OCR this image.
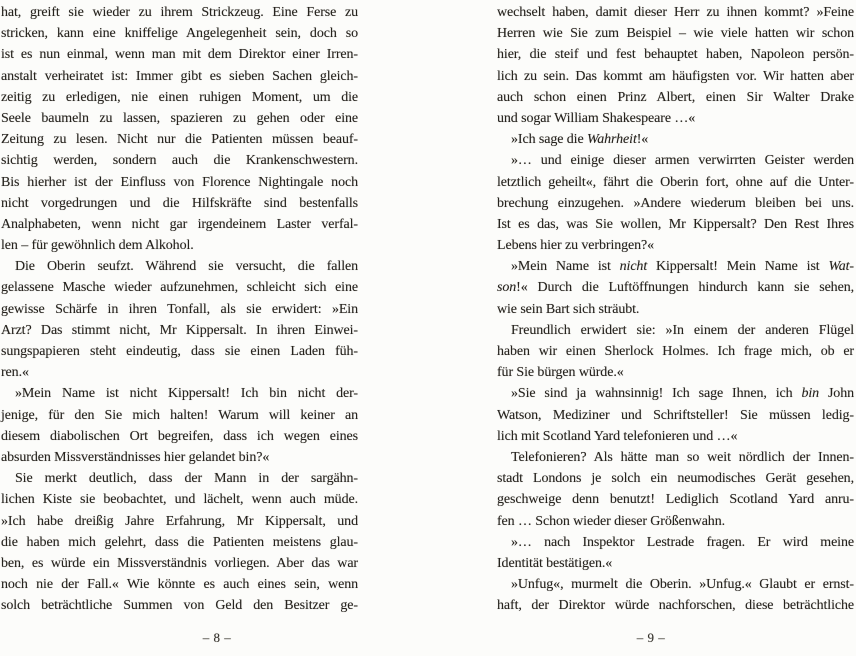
hat, greift sie wieder zu ihrem Strickzeug. Eine Ferse zu
stricken, kann eine kniffelige Angelegenheit sein, doch so
ist es nun einmal, wenn man mit dem Direktor einer Irren-
anstalt verheiratet ist: Immer gibt es sieben Sachen gleich-
zeitig zu erledigen, nie einen ruhigen Moment, um die
Seele baumeln zu lassen, spazieren zu gehen oder eine
Zeitung zu lesen. Nicht nur die Patienten müssen beauf-
sichtig werden, sondern auch die Krankenschwestern.
Bis hierher ist der Einfluss von Florence Nightingale noch
nicht vorgedrungen und die Hilfskräfte sind bestenfalls
Analphabeten, wenn nicht gar irgendeinem Laster verfal-
len – für gewöhnlich dem Alkohol.
Die Oberin seufzt. Während sie versucht, die fallen
gelassene Masche wieder aufzunehmen, schleicht sich eine
gewisse Schärfe in ihren Tonfall, als sie erwidert: »Ein
Arzt? Das stimmt nicht, Mr Kippersalt. In ihren Einwei-
sungspapieren steht eindeutig, dass sie einen Laden füh-
ren.«
»Mein Name ist nicht Kippersalt! Ich bin nicht der-
jenige, für den Sie mich halten! Warum will keiner an
diesem diabolischen Ort begreifen, dass ich wegen eines
absurden Missverständnisses hier gelandet bin?«
Sie merkt deutlich, dass der Mann in der sargähn-
lichen Kiste sie beobachtet, und lächelt, wenn auch müde.
»Ich habe dreißig Jahre Erfahrung, Mr Kippersalt, und
die haben mich gelehrt, dass die Patienten meistens glau-
ben, es würde ein Missverständnis vorliegen. Aber das war
noch nie der Fall.« Wie könnte es auch eines sein, wenn
solch beträchtliche Summen von Geld den Besitzer ge-
wechselt haben, damit dieser Herr zu ihnen kommt? »Feine
Herren wie Sie zum Beispiel – wie viele hatten wir schon
hier, die steif und fest behauptet haben, Napoleon persön-
lich zu sein. Das kommt am häufigsten vor. Wir hatten aber
auch schon einen Prinz Albert, einen Sir Walter Drake
und sogar William Shakespeare …«
»Ich sage die Wahrheit!«
»… und einige dieser armen verwirrten Geister werden
letztlich geheilt«, fährt die Oberin fort, ohne auf die Unter-
brechung einzugehen. »Andere wiederum bleiben bei uns.
Ist es das, was Sie wollen, Mr Kippersalt? Den Rest Ihres
Lebens hier zu verbringen?«
»Mein Name ist nicht Kippersalt! Mein Name ist Wat-
son!« Durch die Luftöffnungen hindurch kann sie sehen,
wie sein Bart sich sträubt.
Freundlich erwidert sie: »In einem der anderen Flügel
haben wir einen Sherlock Holmes. Ich frage mich, ob er
für Sie bürgen würde.«
»Sie sind ja wahnsinnig! Ich sage Ihnen, ich bin John
Watson, Mediziner und Schriftsteller! Sie müssen ledig-
lich mit Scotland Yard telefonieren und …«
Telefonieren? Als hätte man so weit nördlich der Innen-
stadt Londons je solch ein neumodisches Gerät gesehen,
geschweige denn benutzt! Lediglich Scotland Yard anru-
fen … Schon wieder dieser Größenwahn.
»… nach Inspektor Lestrade fragen. Er wird meine
Identität bestätigen.«
»Unfug«, murmelt die Oberin. »Unfug.« Glaubt er ernst-
haft, der Direktor würde nachforschen, diese beträchtliche
– 8 –	– 9 –
